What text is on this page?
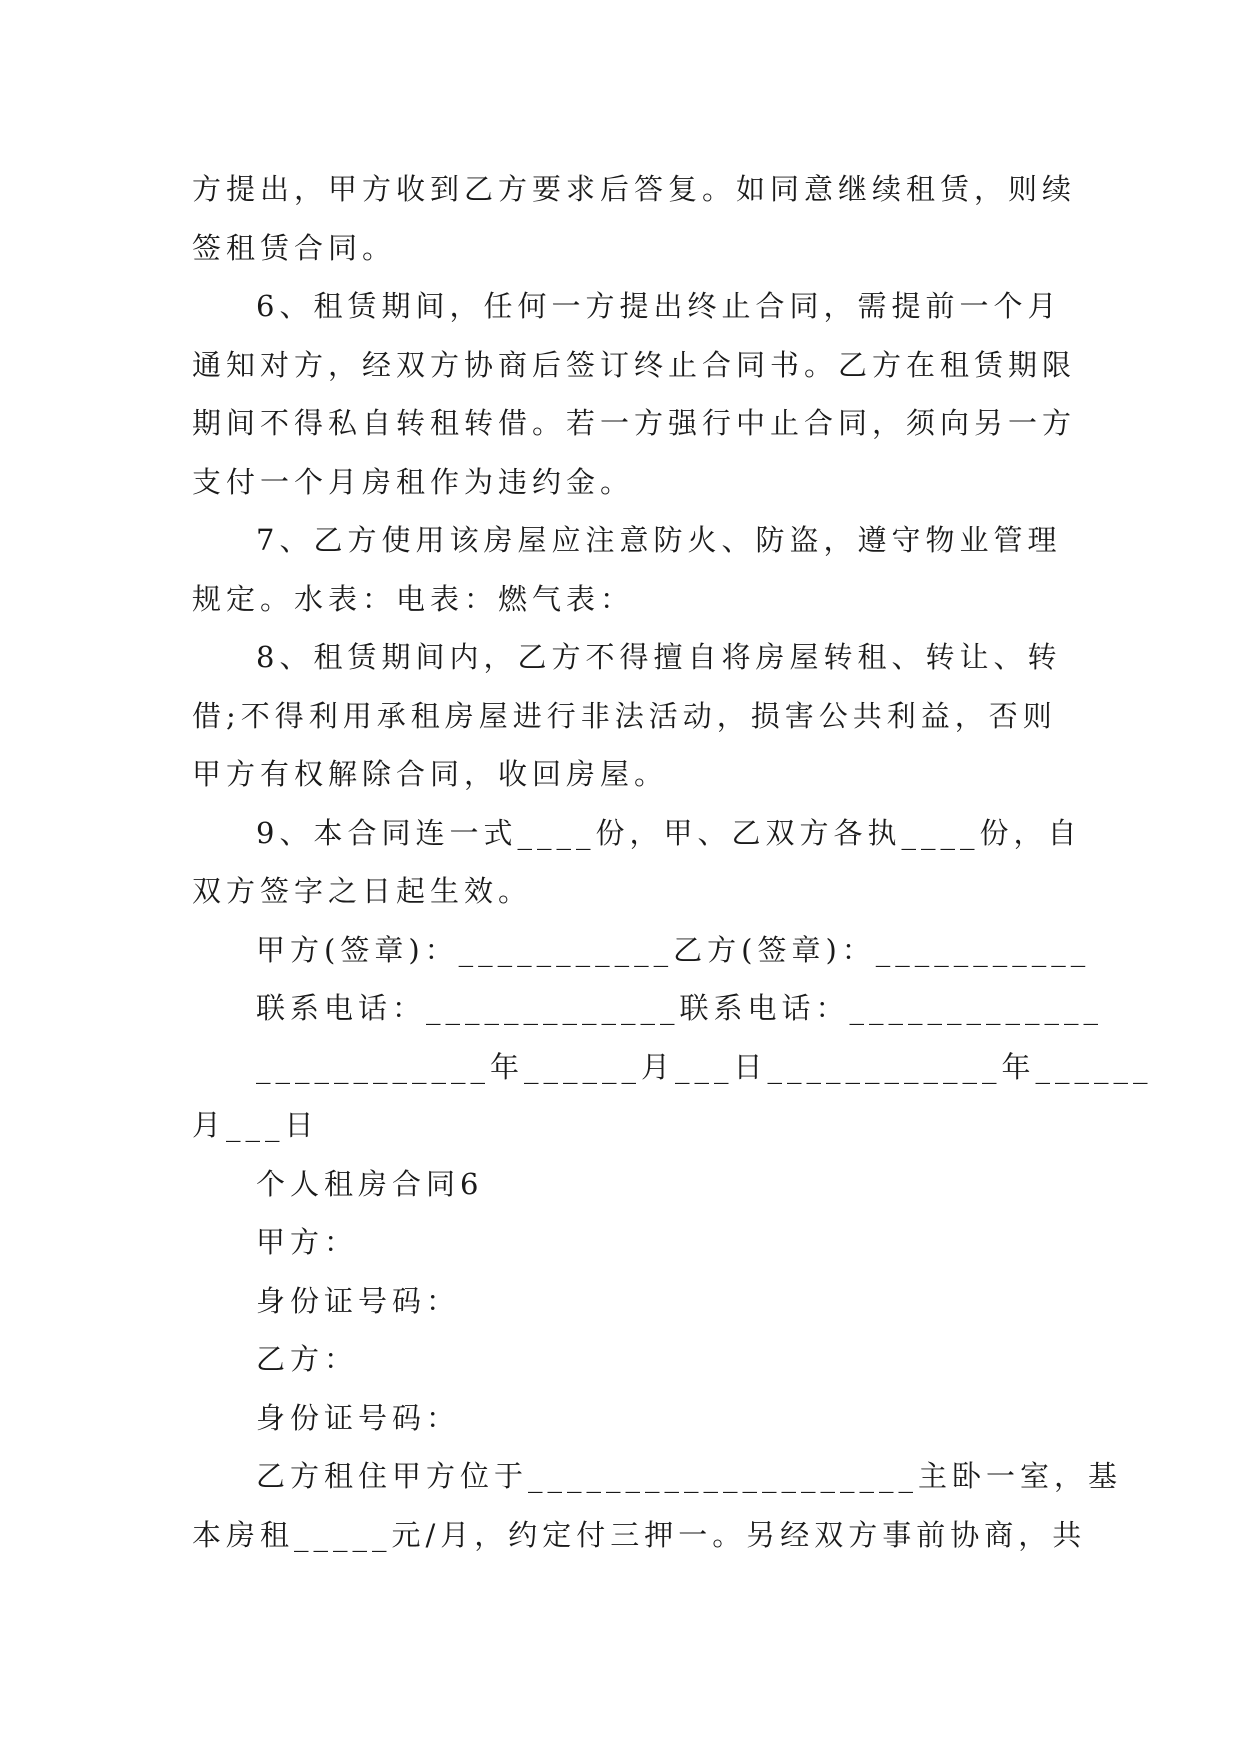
方提出，甲方收到乙方要求后答复。如同意继续租赁，则续
签租赁合同。
6、租赁期间，任何一方提出终止合同，需提前一个月
通知对方，经双方协商后签订终止合同书。乙方在租赁期限
期间不得私自转租转借。若一方强行中止合同，须向另一方
支付一个月房租作为违约金。
7、乙方使用该房屋应注意防火、防盗，遵守物业管理
规定。水表：电表：燃气表：
8、租赁期间内，乙方不得擅自将房屋转租、转让、转
借;不得利用承租房屋进行非法活动，损害公共利益，否则
甲方有权解除合同，收回房屋。
9、本合同连一式____份，甲、乙双方各执____份，自
双方签字之日起生效。
甲方(签章)：___________乙方(签章)：___________
联系电话：_____________联系电话：_____________
____________年______月___日____________年______
月___日
个人租房合同6
甲方：
身份证号码：
乙方：
身份证号码：
乙方租住甲方位于____________________主卧一室，基
本房租_____元/月，约定付三押一。另经双方事前协商，共
